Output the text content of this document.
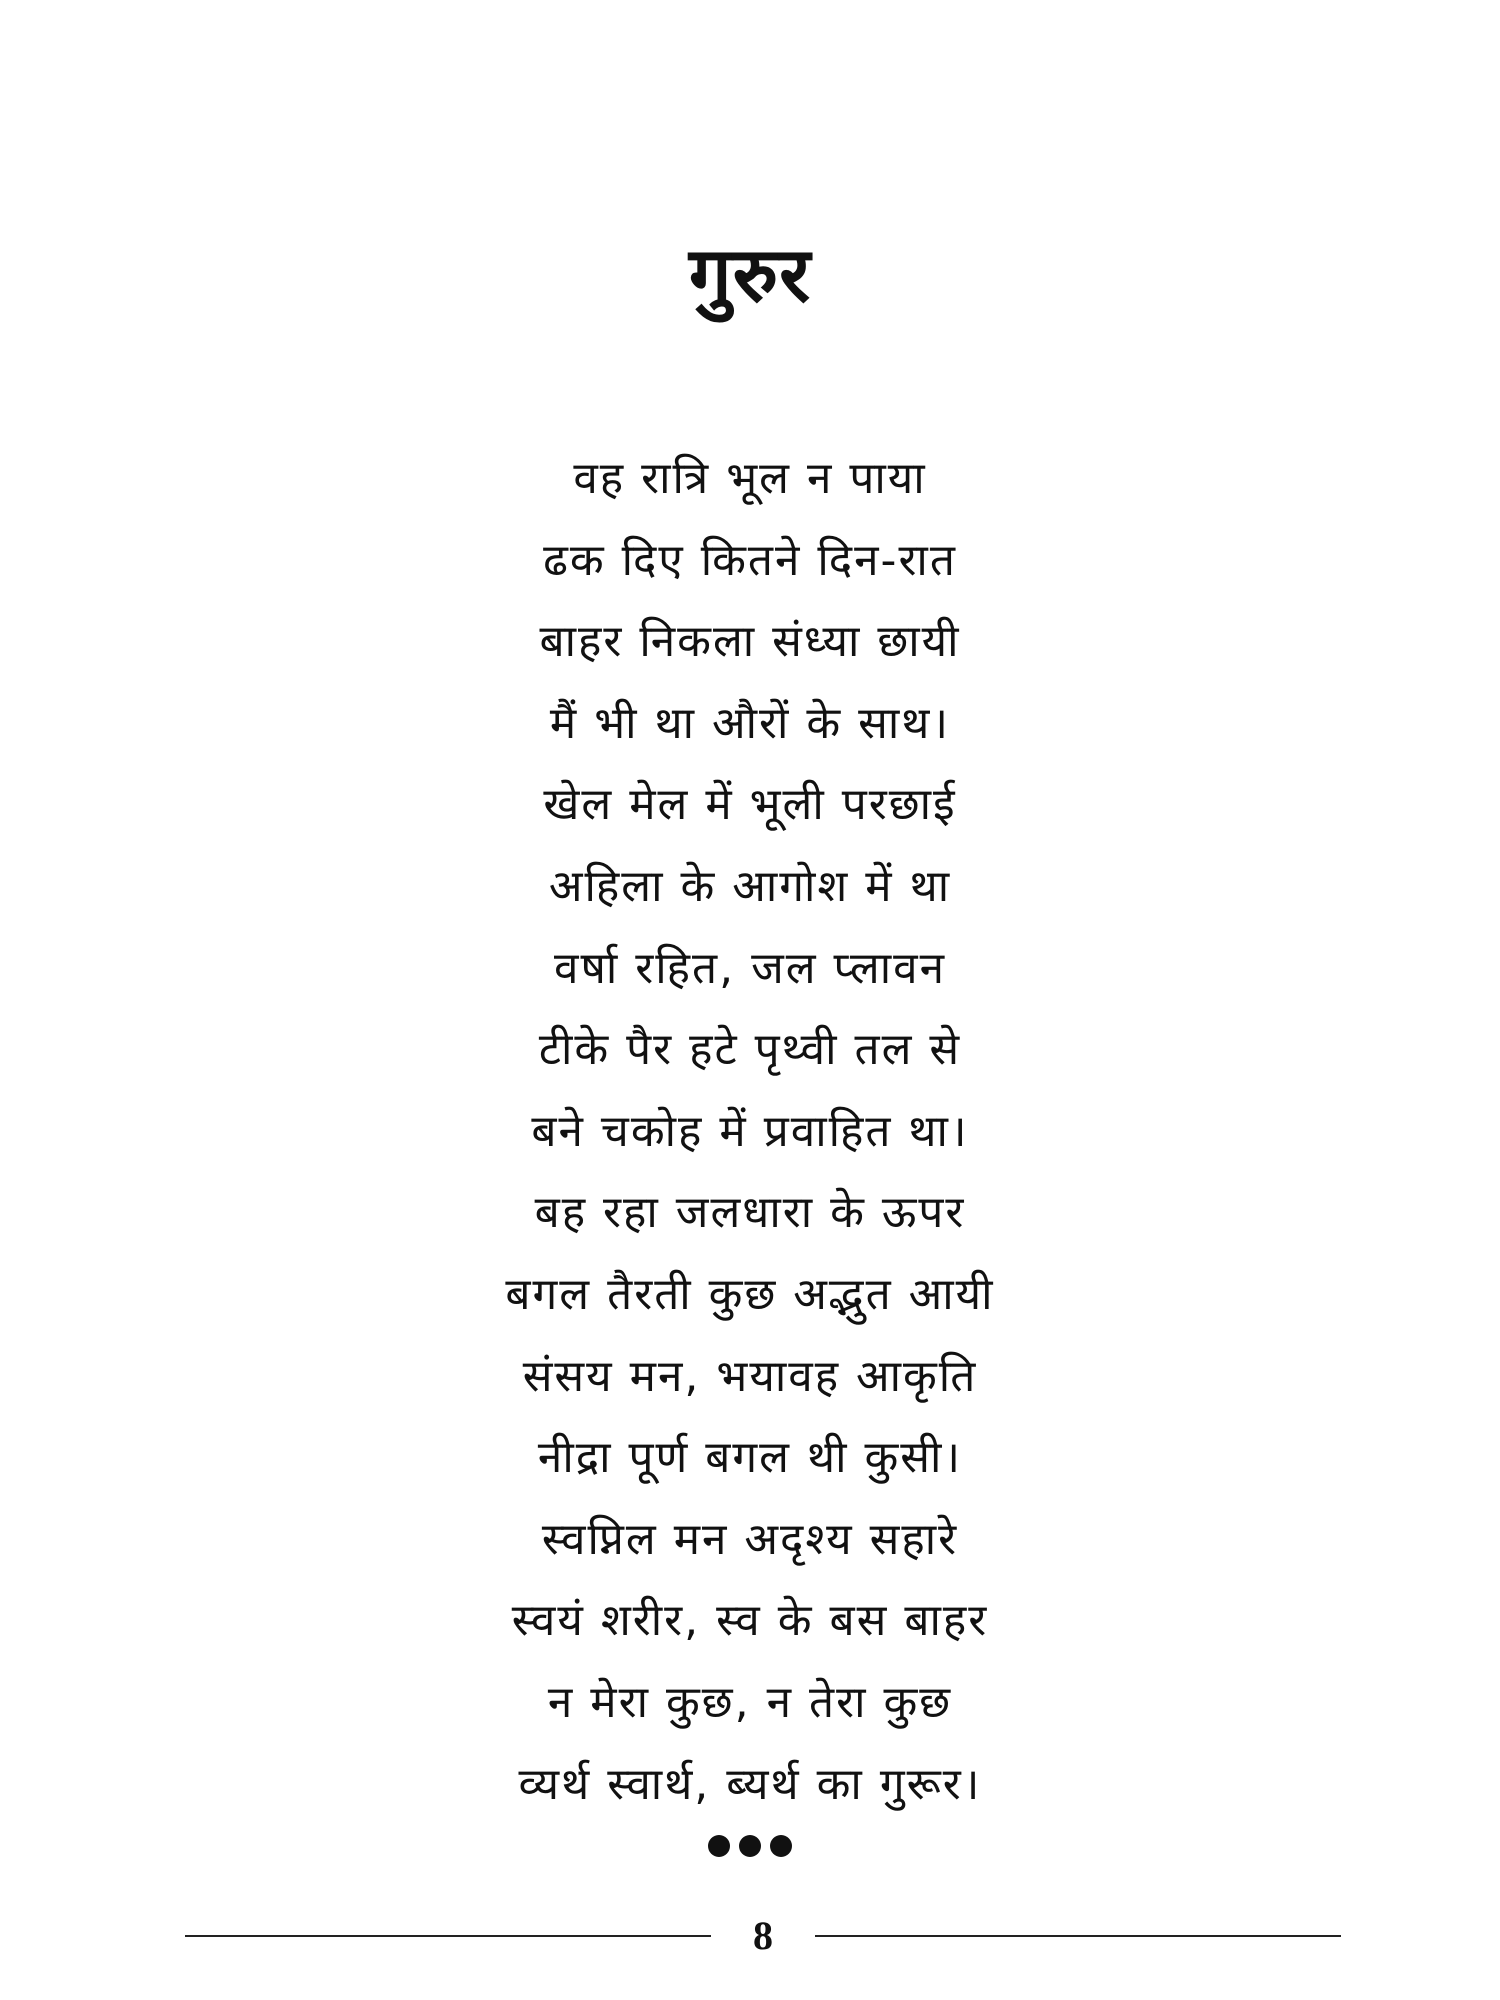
गुरुर
वह रात्रि भूल न पाया
ढक दिए कितने दिन-रात
बाहर निकला संध्या छायी
मैं भी था औरों के साथ।
खेल मेल में भूली परछाई
अहिला के आगोश में था
वर्षा रहित, जल प्लावन
टीके पैर हटे पृथ्वी तल से
बने चकोह में प्रवाहित था।
बह रहा जलधारा के ऊपर
बगल तैरती कुछ अद्भुत आयी
संसय मन, भयावह आकृति
नीद्रा पूर्ण बगल थी कुसी।
स्वप्निल मन अदृश्य सहारे
स्वयं शरीर, स्व के बस बाहर
न मेरा कुछ, न तेरा कुछ
व्यर्थ स्वार्थ, ब्यर्थ का गुरूर।
8
